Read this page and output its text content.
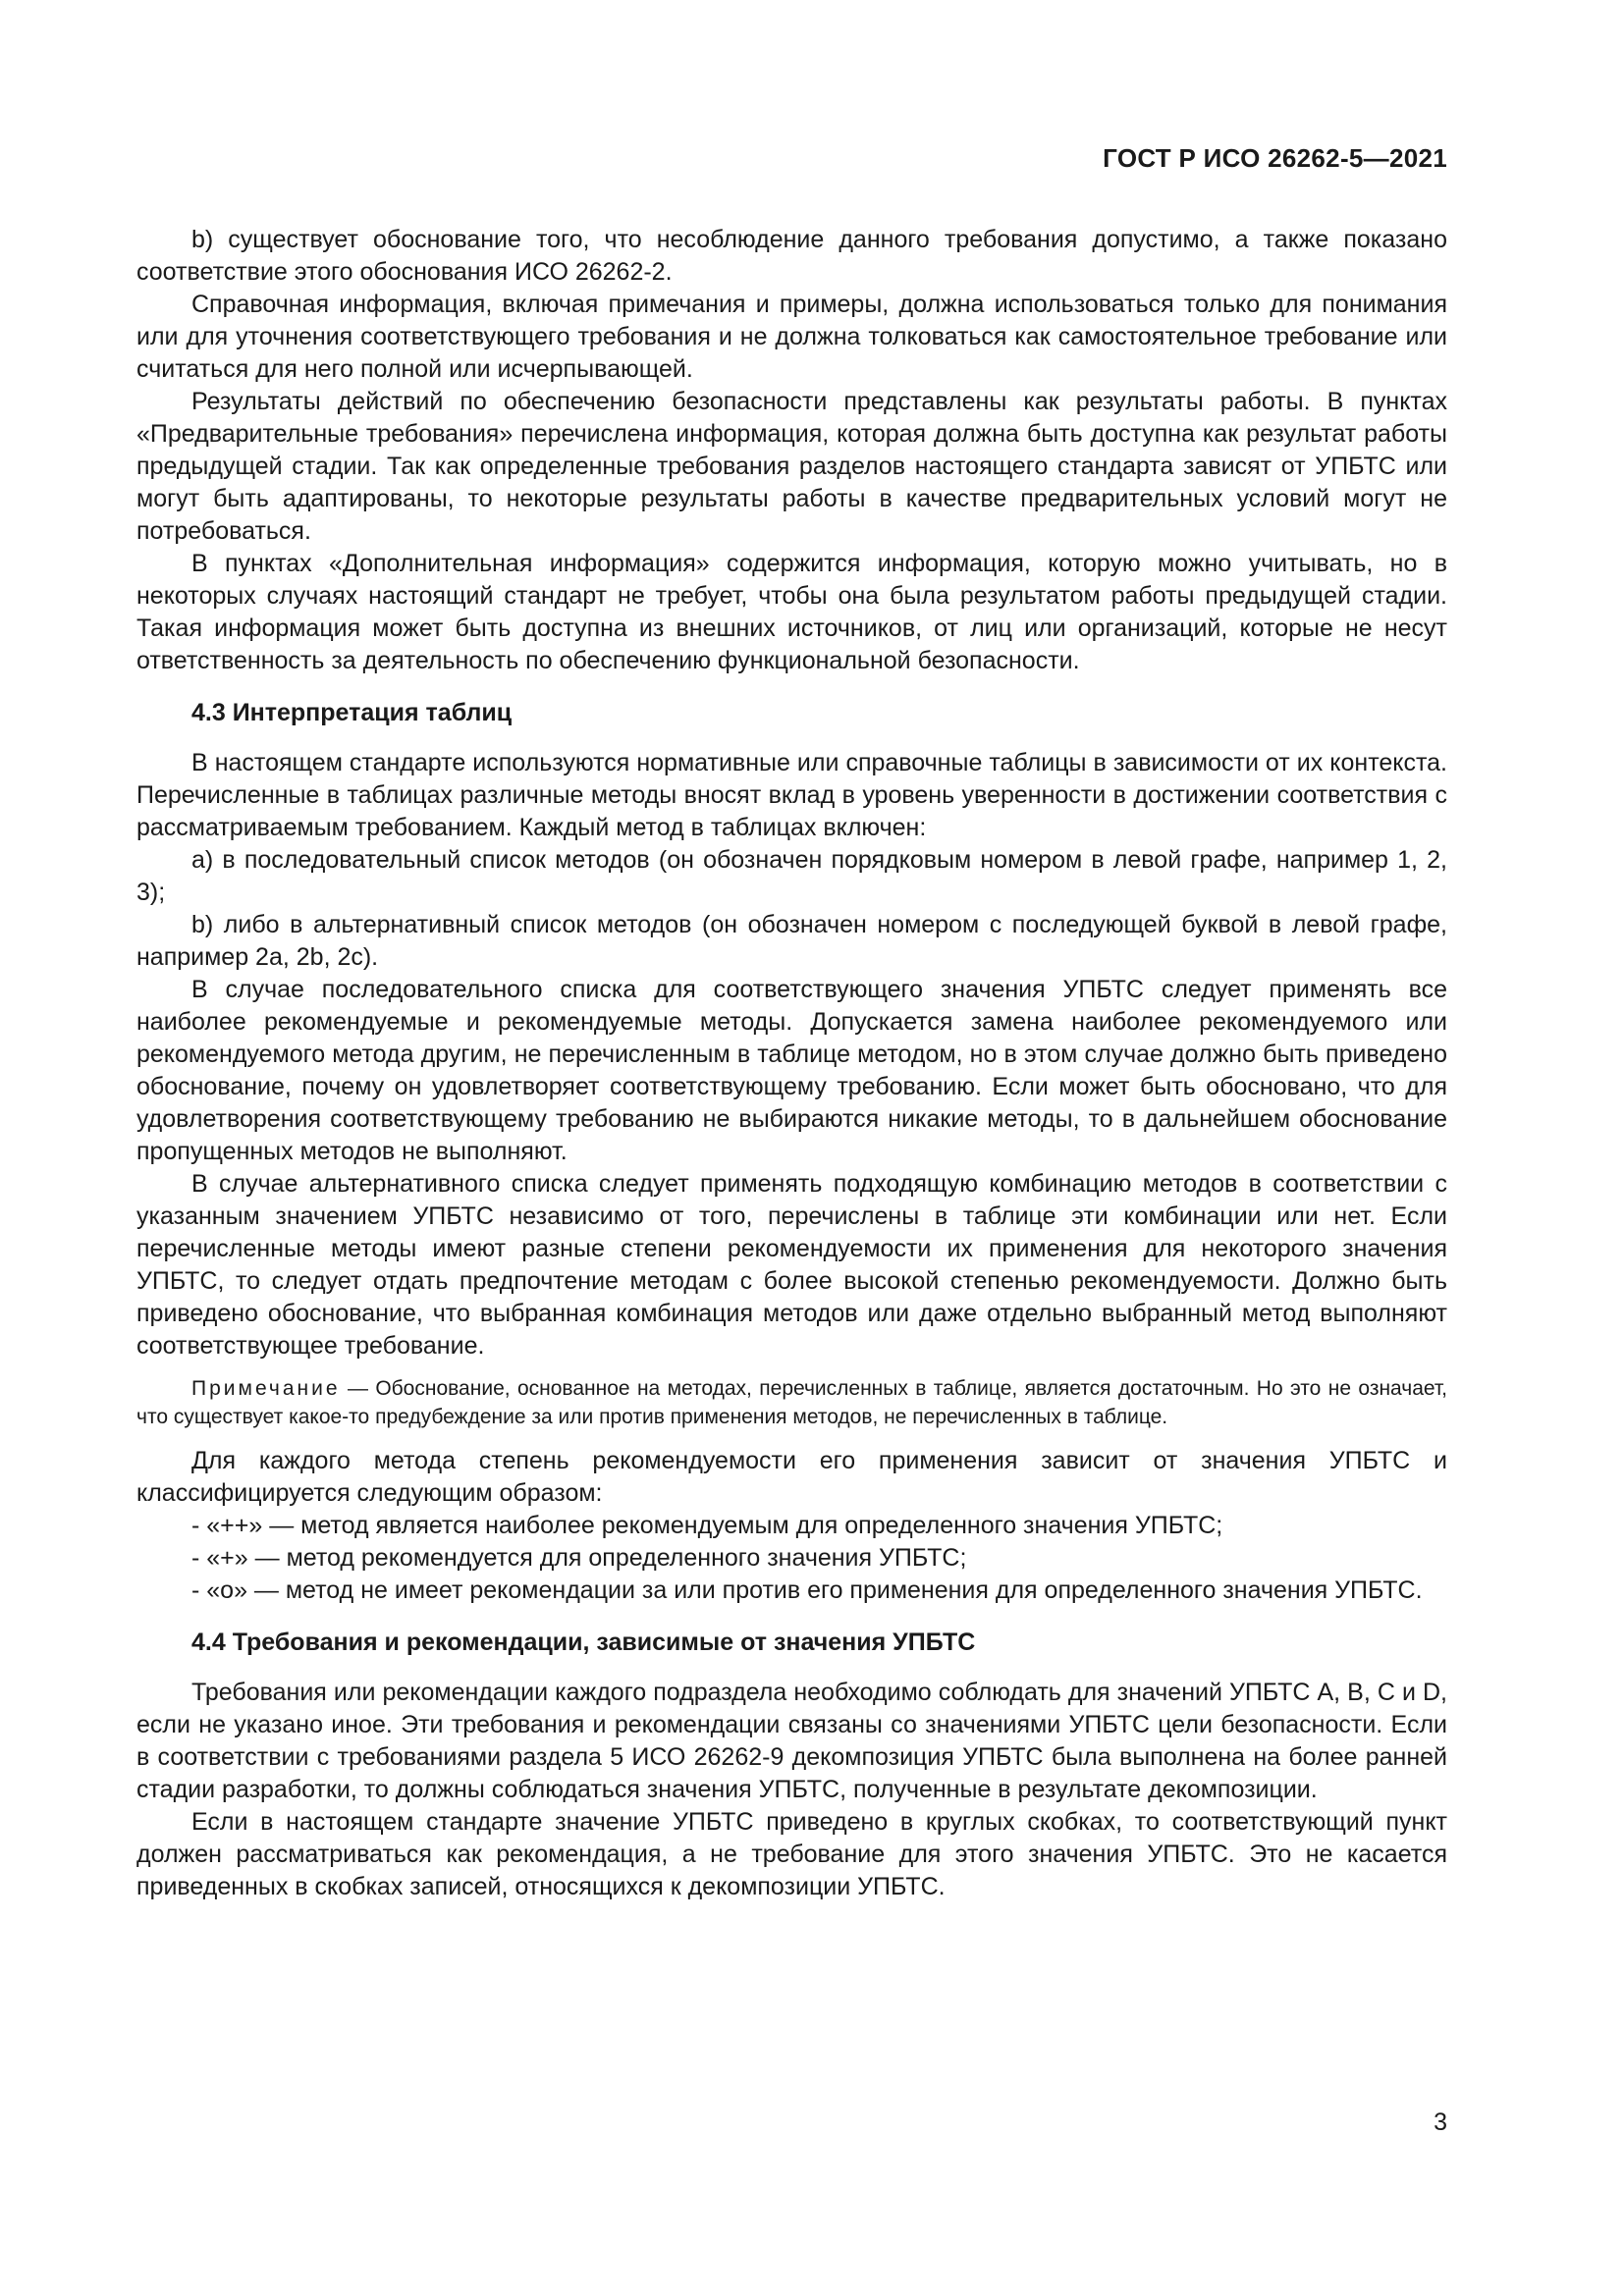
ГОСТ Р ИСО 26262-5—2021

b) существует обоснование того, что несоблюдение данного требования допустимо, а также показано соответствие этого обоснования ИСО 26262-2.

Справочная информация, включая примечания и примеры, должна использоваться только для понимания или для уточнения соответствующего требования и не должна толковаться как самостоятельное требование или считаться для него полной или исчерпывающей.

Результаты действий по обеспечению безопасности представлены как результаты работы. В пунктах «Предварительные требования» перечислена информация, которая должна быть доступна как результат работы предыдущей стадии. Так как определенные требования разделов настоящего стандарта зависят от УПБТС или могут быть адаптированы, то некоторые результаты работы в качестве предварительных условий могут не потребоваться.

В пунктах «Дополнительная информация» содержится информация, которую можно учитывать, но в некоторых случаях настоящий стандарт не требует, чтобы она была результатом работы предыдущей стадии. Такая информация может быть доступна из внешних источников, от лиц или организаций, которые не несут ответственность за деятельность по обеспечению функциональной безопасности.

4.3 Интерпретация таблиц

В настоящем стандарте используются нормативные или справочные таблицы в зависимости от их контекста. Перечисленные в таблицах различные методы вносят вклад в уровень уверенности в достижении соответствия с рассматриваемым требованием. Каждый метод в таблицах включен:

а) в последовательный список методов (он обозначен порядковым номером в левой графе, например 1, 2, 3);

b) либо в альтернативный список методов (он обозначен номером с последующей буквой в левой графе, например 2a, 2b, 2c).

В случае последовательного списка для соответствующего значения УПБТС следует применять все наиболее рекомендуемые и рекомендуемые методы. Допускается замена наиболее рекомендуемого или рекомендуемого метода другим, не перечисленным в таблице методом, но в этом случае должно быть приведено обоснование, почему он удовлетворяет соответствующему требованию. Если может быть обосновано, что для удовлетворения соответствующему требованию не выбираются никакие методы, то в дальнейшем обоснование пропущенных методов не выполняют.

В случае альтернативного списка следует применять подходящую комбинацию методов в соответствии с указанным значением УПБТС независимо от того, перечислены в таблице эти комбинации или нет. Если перечисленные методы имеют разные степени рекомендуемости их применения для некоторого значения УПБТС, то следует отдать предпочтение методам с более высокой степенью рекомендуемости. Должно быть приведено обоснование, что выбранная комбинация методов или даже отдельно выбранный метод выполняют соответствующее требование.

Примечание — Обоснование, основанное на методах, перечисленных в таблице, является достаточным. Но это не означает, что существует какое-то предубеждение за или против применения методов, не перечисленных в таблице.

Для каждого метода степень рекомендуемости его применения зависит от значения УПБТС и классифицируется следующим образом:

- «++» — метод является наиболее рекомендуемым для определенного значения УПБТС;

- «+» — метод рекомендуется для определенного значения УПБТС;

- «о» — метод не имеет рекомендации за или против его применения для определенного значения УПБТС.

4.4 Требования и рекомендации, зависимые от значения УПБТС

Требования или рекомендации каждого подраздела необходимо соблюдать для значений УПБТС A, B, C и D, если не указано иное. Эти требования и рекомендации связаны со значениями УПБТС цели безопасности. Если в соответствии с требованиями раздела 5 ИСО 26262-9 декомпозиция УПБТС была выполнена на более ранней стадии разработки, то должны соблюдаться значения УПБТС, полученные в результате декомпозиции.

Если в настоящем стандарте значение УПБТС приведено в круглых скобках, то соответствующий пункт должен рассматриваться как рекомендация, а не требование для этого значения УПБТС. Это не касается приведенных в скобках записей, относящихся к декомпозиции УПБТС.

3
